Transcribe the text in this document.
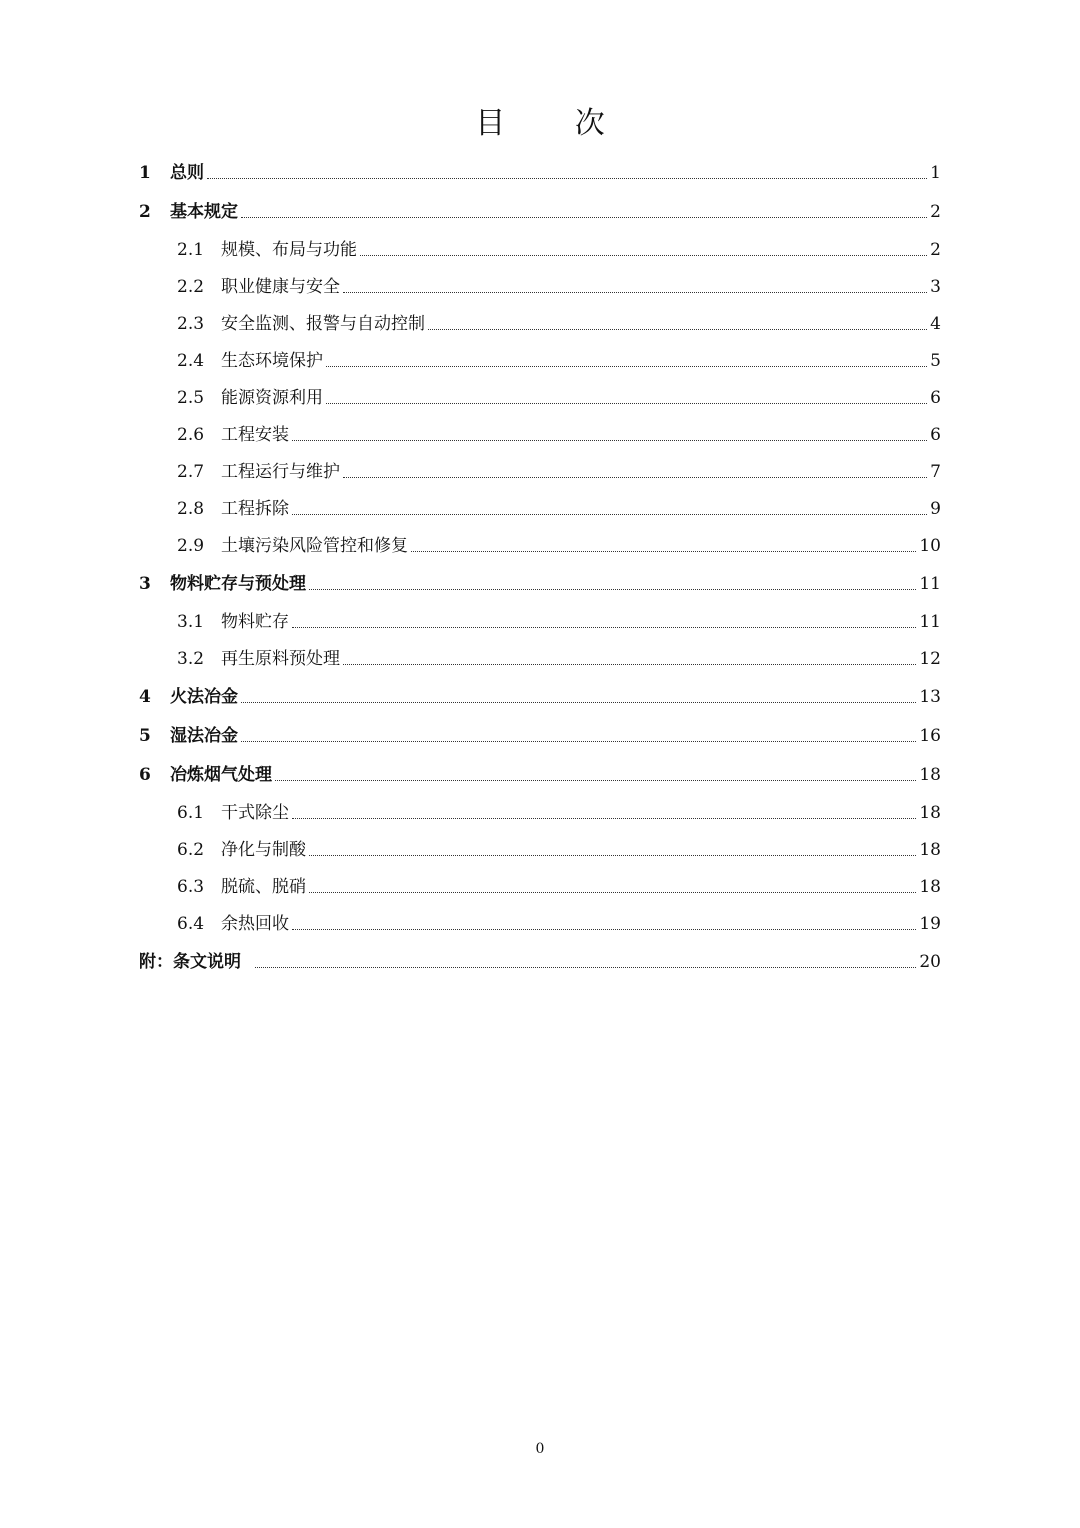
目 次
1	总则	1
2	基本规定	2
2.1 规模、布局与功能	2
2.2 职业健康与安全	3
2.3 安全监测、报警与自动控制	4
2.4 生态环境保护	5
2.5 能源资源利用	6
2.6 工程安装	6
2.7 工程运行与维护	7
2.8 工程拆除	9
2.9 土壤污染风险管控和修复	10
3	物料贮存与预处理	11
3.1 物料贮存	11
3.2 再生原料预处理	12
4	火法冶金	13
5	湿法冶金	16
6	冶炼烟气处理	18
6.1 干式除尘	18
6.2 净化与制酸	18
6.3 脱硫、脱硝	18
6.4 余热回收	19
附：条文说明	20
0
